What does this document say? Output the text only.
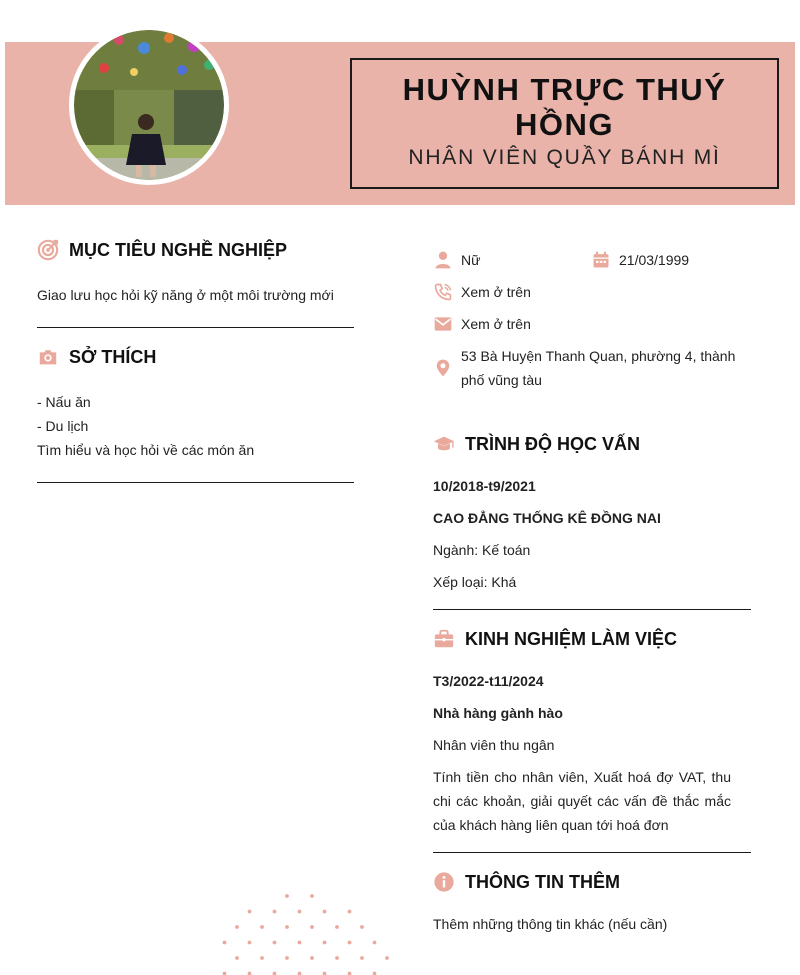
HUỲNH TRỰC THUÝ HỒNG
NHÂN VIÊN QUẦY BÁNH MÌ
MỤC TIÊU NGHỀ NGHIỆP
Giao lưu học hỏi kỹ năng ở một môi trường mới
SỞ THÍCH
- Nấu ăn
- Du lịch
Tìm hiểu và học hỏi về các món ăn
Nữ	21/03/1999
Xem ở trên
Xem ở trên
53 Bà Huyện Thanh Quan, phường 4, thành phố vũng tàu
TRÌNH ĐỘ HỌC VẤN
10/2018-t9/2021
CAO ĐẲNG THỐNG KÊ ĐỒNG NAI
Ngành: Kế toán
Xếp loại: Khá
KINH NGHIỆM LÀM VIỆC
T3/2022-t11/2024
Nhà hàng gành hào
Nhân viên thu ngân
Tính tiền cho nhân viên, Xuất hoá đợ VAT, thu chi các khoản, giải quyết các vấn đề thắc mắc của khách hàng liên quan tới hoá đơn
THÔNG TIN THÊM
Thêm những thông tin khác (nếu cần)
